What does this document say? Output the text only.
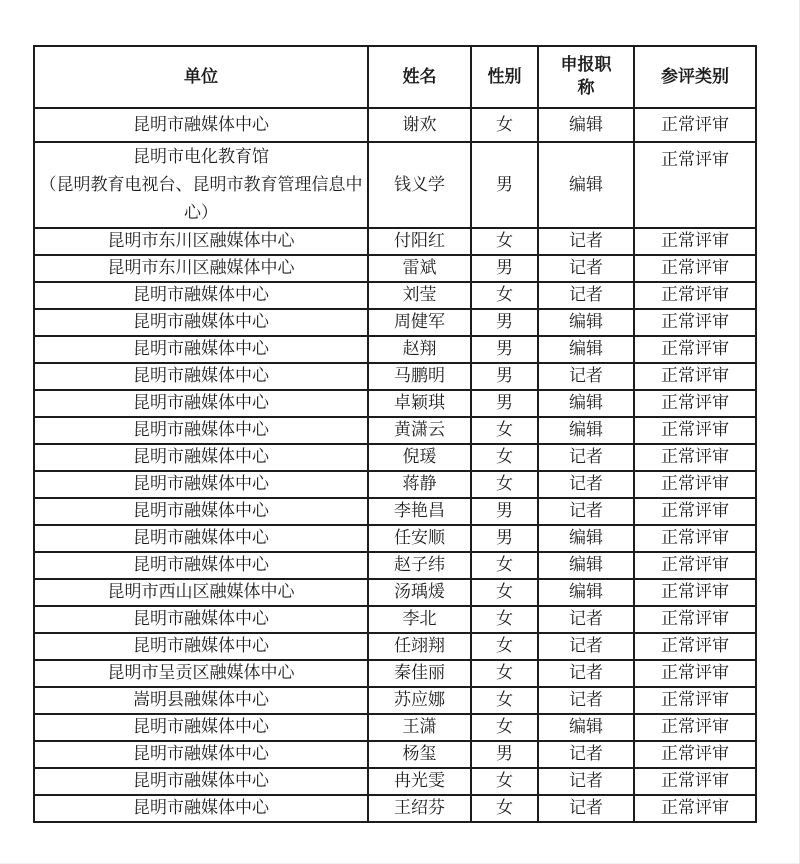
单位	姓名	性别	申报职称	参评类别
昆明市融媒体中心	谢欢	女	编辑	正常评审

昆明市电化教育馆
（昆明教育电视台、昆明市教育管理信息中心）	钱义学	男	编辑	正常评审
昆明市东川区融媒体中心	付阳红	女	记者	正常评审
昆明市东川区融媒体中心	雷斌	男	记者	正常评审
昆明市融媒体中心	刘莹	女	记者	正常评审
昆明市融媒体中心	周健军	男	编辑	正常评审
昆明市融媒体中心	赵翔	男	编辑	正常评审
昆明市融媒体中心	马鹏明	男	记者	正常评审
昆明市融媒体中心	卓颖琪	男	编辑	正常评审
昆明市融媒体中心	黄潇云	女	编辑	正常评审
昆明市融媒体中心	倪瑗	女	记者	正常评审
昆明市融媒体中心	蒋静	女	记者	正常评审
昆明市融媒体中心	李艳昌	男	记者	正常评审
昆明市融媒体中心	任安顺	男	编辑	正常评审
昆明市融媒体中心	赵子纬	女	编辑	正常评审
昆明市西山区融媒体中心	汤瑀煖	女	编辑	正常评审
昆明市融媒体中心	李北	女	记者	正常评审
昆明市融媒体中心	任翊翔	女	记者	正常评审
昆明市呈贡区融媒体中心	秦佳丽	女	记者	正常评审
嵩明县融媒体中心	苏应娜	女	记者	正常评审
昆明市融媒体中心	王潇	女	编辑	正常评审
昆明市融媒体中心	杨玺	男	记者	正常评审
昆明市融媒体中心	冉光雯	女	记者	正常评审
昆明市融媒体中心	王绍芬	女	记者	正常评审
